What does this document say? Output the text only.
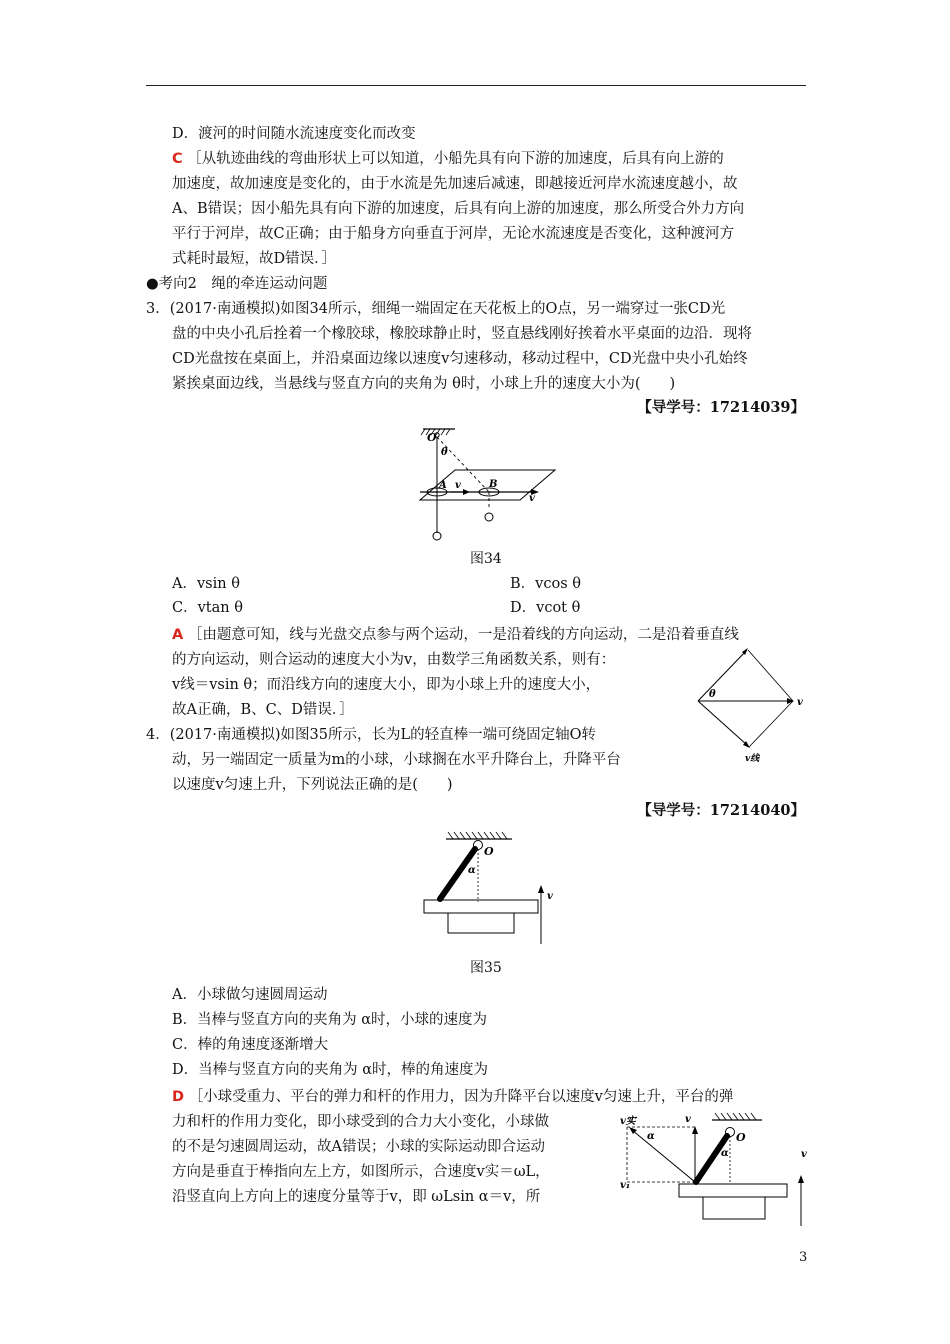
D．渡河的时间随水流速度变化而改变
C ［从轨迹曲线的弯曲形状上可以知道，小船先具有向下游的加速度，后具有向上游的
加速度，故加速度是变化的，由于水流是先加速后减速，即越接近河岸水流速度越小，故
A、B错误；因小船先具有向下游的加速度，后具有向上游的加速度，那么所受合外力方向
平行于河岸，故C正确；由于船身方向垂直于河岸，无论水流速度是否变化，这种渡河方
式耗时最短，故D错误．］
●考向2　绳的牵连运动问题
3．(2017·南通模拟)如图34所示，细绳一端固定在天花板上的O点，另一端穿过一张CD光
盘的中央小孔后拴着一个橡胶球，橡胶球静止时，竖直悬线刚好挨着水平桌面的边沿．现将
CD光盘按在桌面上，并沿桌面边缘以速度v匀速移动，移动过程中，CD光盘中央小孔始终
紧挨桌面边线，当悬线与竖直方向的夹角为 θ时，小球上升的速度大小为(　　)
【导学号：17214039】
O
θ
A	B
v
v
图34
A．vsin θ	B．vcos θ
C．vtan θ	D．vcot θ
A ［由题意可知，线与光盘交点参与两个运动，一是沿着线的方向运动，二是沿着垂直线
的方向运动，则合运动的速度大小为v，由数学三角函数关系，则有：
v线＝vsin θ；而沿线方向的速度大小，即为小球上升的速度大小，
故A正确，B、C、D错误．］
θ
v
v线
4．(2017·南通模拟)如图35所示，长为L的轻直棒一端可绕固定轴O转
动，另一端固定一质量为m的小球，小球搁在水平升降台上，升降平台
以速度v匀速上升，下列说法正确的是(　　)
【导学号：17214040】
O
α
v
图35
A．小球做匀速圆周运动
B．当棒与竖直方向的夹角为 α时，小球的速度为
C．棒的角速度逐渐增大
D．当棒与竖直方向的夹角为 α时，棒的角速度为
D ［小球受重力、平台的弹力和杆的作用力，因为升降平台以速度v匀速上升，平台的弹
力和杆的作用力变化，即小球受到的合力大小变化，小球做
的不是匀速圆周运动，故A错误；小球的实际运动即合运动
方向是垂直于棒指向左上方，如图所示，合速度v实＝ωL，
沿竖直向上方向上的速度分量等于v，即 ωLsin α＝v，所
v实	v
α
α
O
v₁
v
3
